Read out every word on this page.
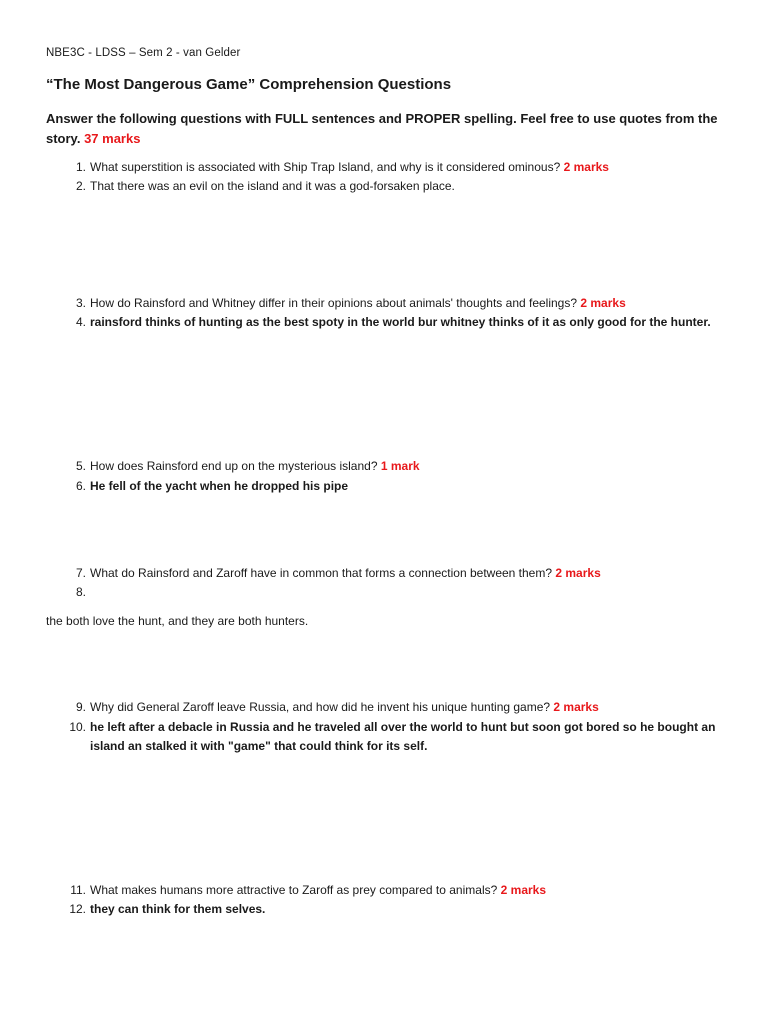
NBE3C - LDSS – Sem 2 - van Gelder
“The Most Dangerous Game” Comprehension Questions
Answer the following questions with FULL sentences and PROPER spelling. Feel free to use quotes from the story. 37 marks
1. What superstition is associated with Ship Trap Island, and why is it considered ominous? 2 marks
2. That there was an evil on the island and it was a god-forsaken place.
3. How do Rainsford and Whitney differ in their opinions about animals' thoughts and feelings? 2 marks
4. rainsford thinks of hunting as the best spoty in the world bur whitney thinks of it as only good for the hunter.
5. How does Rainsford end up on the mysterious island? 1 mark
6. He fell of the yacht when he dropped his pipe
7. What do Rainsford and Zaroff have in common that forms a connection between them? 2 marks
8.
the both love the hunt, and they are both hunters.
9. Why did General Zaroff leave Russia, and how did he invent his unique hunting game? 2 marks
10. he left after a debacle in Russia and he traveled all over the world to hunt but soon got bored so he bought an island an stalked it with "game" that could think for its self.
11. What makes humans more attractive to Zaroff as prey compared to animals? 2 marks
12. they can think for them selves.
